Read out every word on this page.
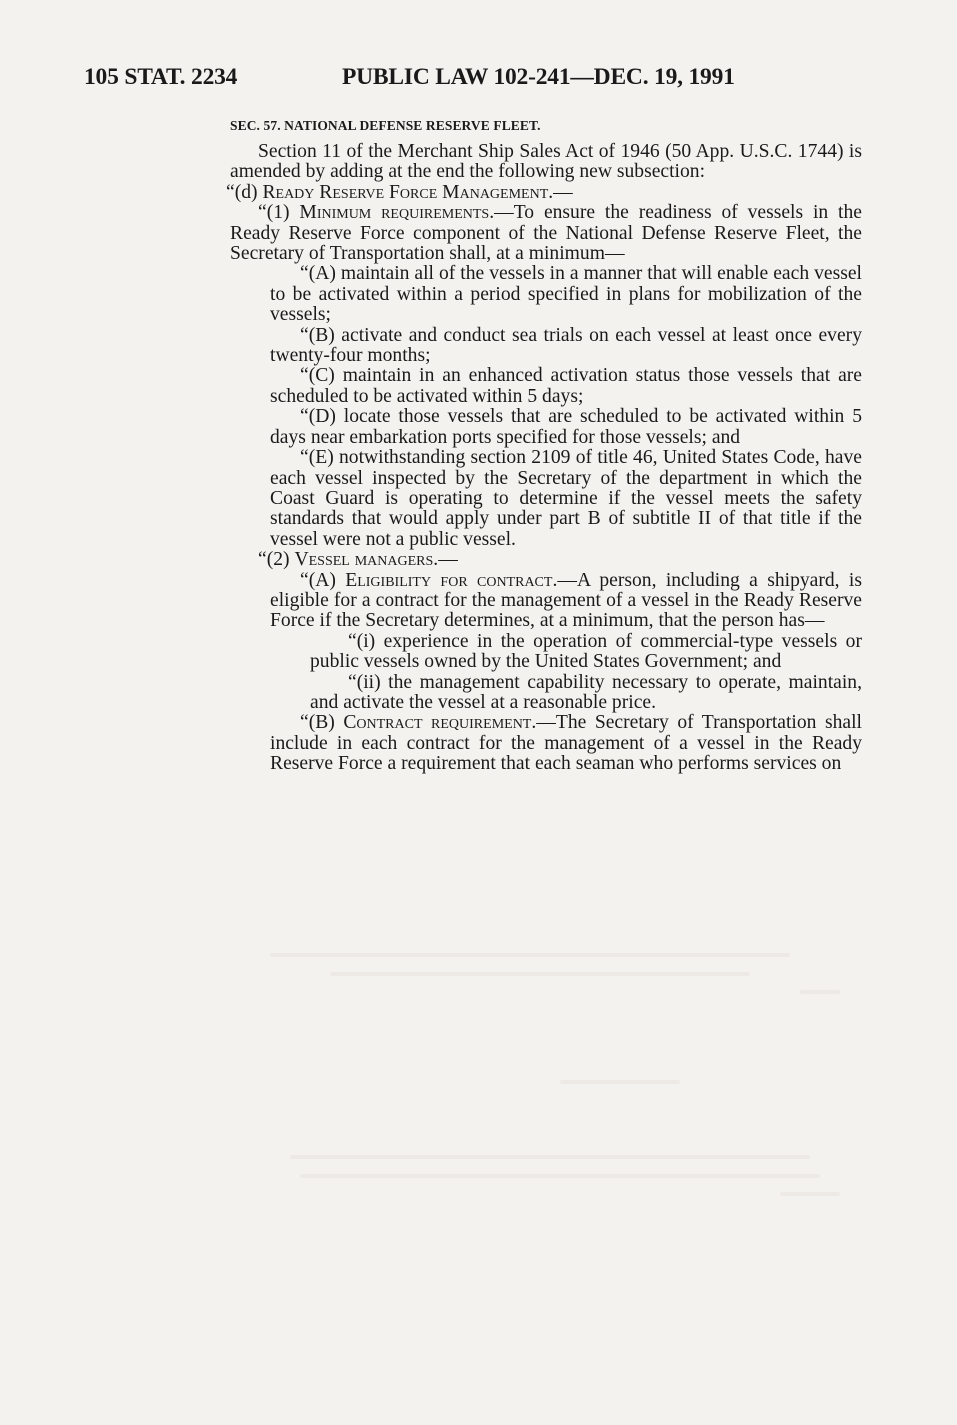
105 STAT. 2234	PUBLIC LAW 102-241—DEC. 19, 1991
SEC. 57. NATIONAL DEFENSE RESERVE FLEET.

Section 11 of the Merchant Ship Sales Act of 1946 (50 App. U.S.C. 1744) is amended by adding at the end the following new subsection:

“(d) Ready Reserve Force Management.—

“(1) Minimum requirements.—To ensure the readiness of vessels in the Ready Reserve Force component of the National Defense Reserve Fleet, the Secretary of Transportation shall, at a minimum—

“(A) maintain all of the vessels in a manner that will enable each vessel to be activated within a period specified in plans for mobilization of the vessels;

“(B) activate and conduct sea trials on each vessel at least once every twenty-four months;

“(C) maintain in an enhanced activation status those vessels that are scheduled to be activated within 5 days;

“(D) locate those vessels that are scheduled to be activated within 5 days near embarkation ports specified for those vessels; and

“(E) notwithstanding section 2109 of title 46, United States Code, have each vessel inspected by the Secretary of the department in which the Coast Guard is operating to determine if the vessel meets the safety standards that would apply under part B of subtitle II of that title if the vessel were not a public vessel.

“(2) Vessel managers.—

“(A) Eligibility for contract.—A person, including a shipyard, is eligible for a contract for the management of a vessel in the Ready Reserve Force if the Secretary determines, at a minimum, that the person has—

“(i) experience in the operation of commercial-type vessels or public vessels owned by the United States Government; and

“(ii) the management capability necessary to operate, maintain, and activate the vessel at a reasonable price.

“(B) Contract requirement.—The Secretary of Transportation shall include in each contract for the management of a vessel in the Ready Reserve Force a requirement that each seaman who performs services on
